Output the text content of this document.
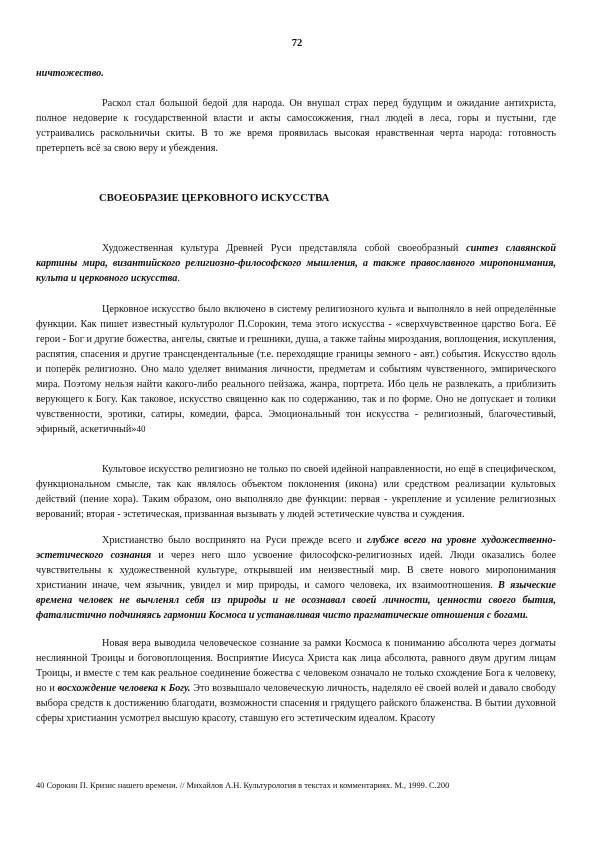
72
ничтожество.
Раскол стал большой бедой для народа. Он внушал страх перед будущим и ожидание антихриста, полное недоверие к государственной власти и акты самосожжения, гнал людей в леса, горы и пустыни, где устраивались раскольничьи скиты. В то же время проявилась высокая нравственная черта народа: готовность претерпеть всё за свою веру и убеждения.
СВОЕОБРАЗИЕ ЦЕРКОВНОГО ИСКУССТВА
Художественная культура Древней Руси представляла собой своеобразный синтез славянской картины мира, византийского религиозно-философского мышления, а также православного миропонимания, культа и церковного искусства.
Церковное искусство было включено в систему религиозного культа и выполняло в ней определённые функции. Как пишет известный культуролог П.Сорокин, тема этого искусства - «сверхчувственное царство Бога. Её герои - Бог и другие божества, ангелы, святые и грешники, душа, а также тайны мироздания, воплощения, искупления, распятия, спасения и другие трансцендентальные (т.е. переходящие границы земного - авт.) события. Искусство вдоль и поперёк религиозно. Оно мало уделяет внимания личности, предметам и событиям чувственного, эмпирического мира. Поэтому нельзя найти какого-либо реального пейзажа, жанра, портрета. Ибо цель не развлекать, а приблизить верующего к Богу. Как таковое, искусство священно как по содержанию, так и по форме. Оно не допускает и толики чувственности, эротики, сатиры, комедии, фарса. Эмоциональный тон искусства - религиозный, благочестивый, эфирный, аскетичный»40
Культовое искусство религиозно не только по своей идейной направленности, но ещё в специфическом, функциональном смысле, так как являлось объектом поклонения (икона) или средством реализации культовых действий (пение хора). Таким образом, оно выполняло две функции: первая - укрепление и усиление религиозных верований; вторая - эстетическая, призванная вызывать у людей эстетические чувства и суждения.
Христианство было воспринято на Руси прежде всего и глубже всего на уровне художественно-эстетического сознания и через него шло усвоение философско-религиозных идей. Люди оказались более чувствительны к художественной культуре, открывшей им неизвестный мир. В свете нового миропонимания христианин иначе, чем язычник, увидел и мир природы, и самого человека, их взаимоотношения. В языческие времена человек не вычленял себя из природы и не осознавал своей личности, ценности своего бытия, фаталистично подчиняясь гармонии Космоса и устанавливая чисто прагматические отношения с богами.
Новая вера выводила человеческое сознание за рамки Космоса к пониманию абсолюта через догматы неслиянной Троицы и боговоплощения. Восприятие Иисуса Христа как лица абсолюта, равного двум другим лицам Троицы, и вместе с тем как реальное соединение божества с человеком означало не только схождение Бога к человеку, но и восхождение человека к Богу. Это возвышало человеческую личность, наделяло её своей волей и давало свободу выбора средств к достижению благодати, возможности спасения и грядущего райского блаженства. В бытии духовной сферы христианин усмотрел высшую красоту, ставшую его эстетическим идеалом. Красоту
40 Сорокин П. Кризис нашего времени. // Михайлов А.Н. Культурология в текстах и комментариях. М., 1999. С.200
